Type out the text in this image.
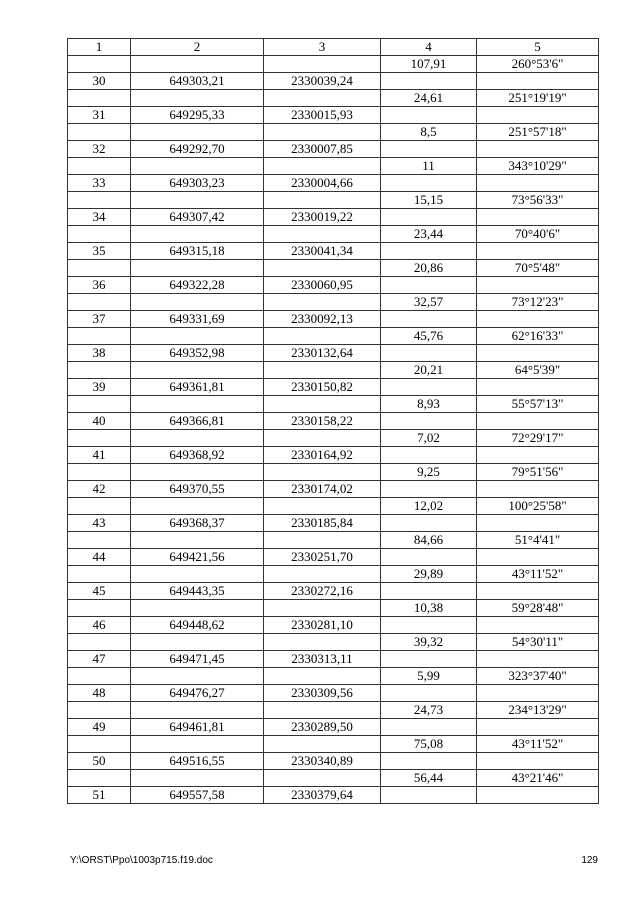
1	2	3	4	5
			107,91	260°53'6"
30	649303,21	2330039,24		
			24,61	251°19'19"
31	649295,33	2330015,93		
			8,5	251°57'18"
32	649292,70	2330007,85		
			11	343°10'29"
33	649303,23	2330004,66		
			15,15	73°56'33"
34	649307,42	2330019,22		
			23,44	70°40'6"
35	649315,18	2330041,34		
			20,86	70°5'48"
36	649322,28	2330060,95		
			32,57	73°12'23"
37	649331,69	2330092,13		
			45,76	62°16'33"
38	649352,98	2330132,64		
			20,21	64°5'39"
39	649361,81	2330150,82		
			8,93	55°57'13"
40	649366,81	2330158,22		
			7,02	72°29'17"
41	649368,92	2330164,92		
			9,25	79°51'56"
42	649370,55	2330174,02		
			12,02	100°25'58"
43	649368,37	2330185,84		
			84,66	51°4'41"
44	649421,56	2330251,70		
			29,89	43°11'52"
45	649443,35	2330272,16		
			10,38	59°28'48"
46	649448,62	2330281,10		
			39,32	54°30'11"
47	649471,45	2330313,11		
			5,99	323°37'40"
48	649476,27	2330309,56		
			24,73	234°13'29"
49	649461,81	2330289,50		
			75,08	43°11'52"
50	649516,55	2330340,89		
			56,44	43°21'46"
51	649557,58	2330379,64		
Y:\ORST\Ppo\1003p715.f19.doc	129
